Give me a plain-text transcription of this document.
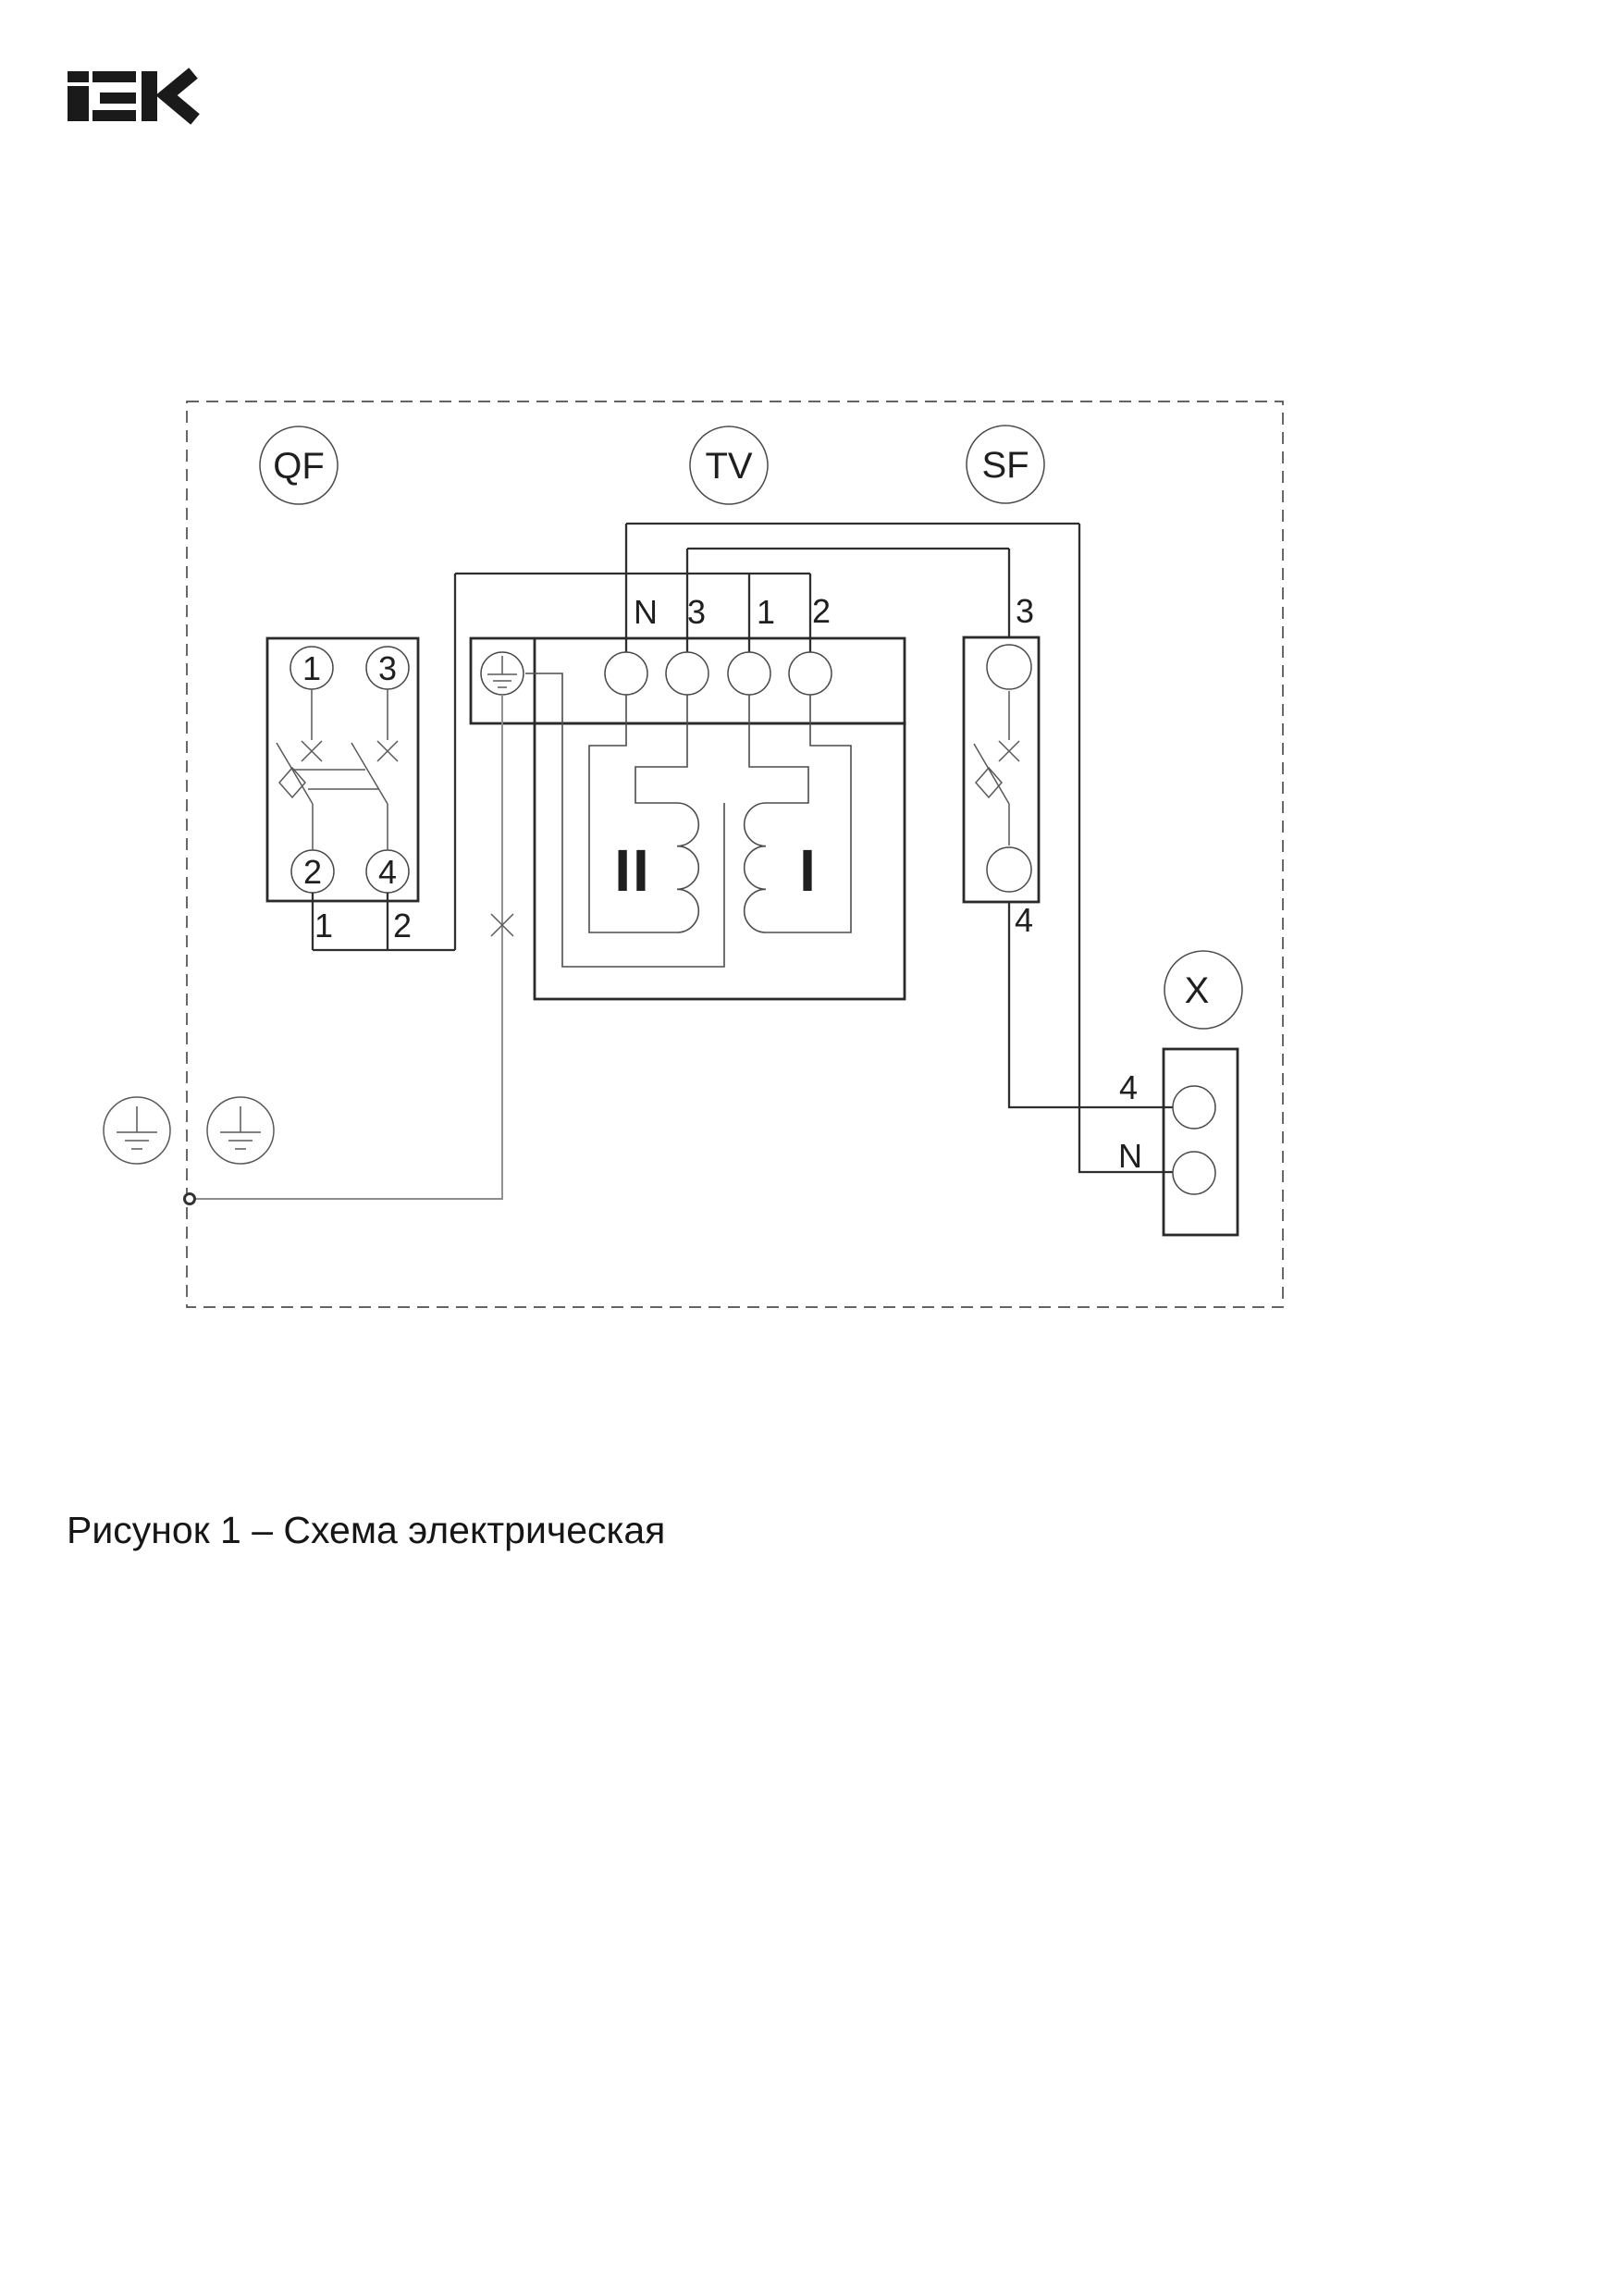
QF	TV	SF
X
1 3
2 4
1 2
N 3 1 2
II	I
3
4
4
N
Рисунок 1 – Схема электрическая
